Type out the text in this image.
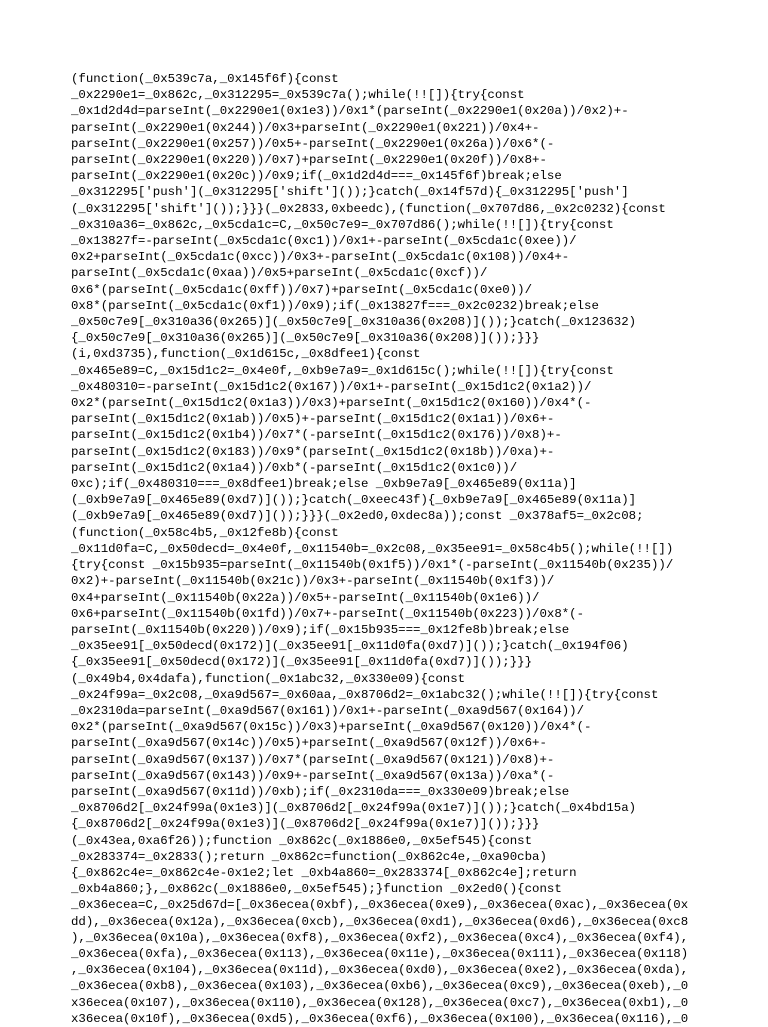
(function(_0x539c7a,_0x145f6f){const
_0x2290e1=_0x862c,_0x312295=_0x539c7a();while(!![]){try{const
_0x1d2d4d=parseInt(_0x2290e1(0x1e3))/0x1*(parseInt(_0x2290e1(0x20a))/0x2)+-
parseInt(_0x2290e1(0x244))/0x3+parseInt(_0x2290e1(0x221))/0x4+-
parseInt(_0x2290e1(0x257))/0x5+-parseInt(_0x2290e1(0x26a))/0x6*(-
parseInt(_0x2290e1(0x220))/0x7)+parseInt(_0x2290e1(0x20f))/0x8+-
parseInt(_0x2290e1(0x20c))/0x9;if(_0x1d2d4d===_0x145f6f)break;else
_0x312295['push'](_0x312295['shift']());}catch(_0x14f57d){_0x312295['push']
(_0x312295['shift']());}}}(_0x2833,0xbeedc),(function(_0x707d86,_0x2c0232){const
_0x310a36=_0x862c,_0x5cda1c=C,_0x50c7e9=_0x707d86();while(!![]){try{const
_0x13827f=-parseInt(_0x5cda1c(0xc1))/0x1+-parseInt(_0x5cda1c(0xee))/
0x2+parseInt(_0x5cda1c(0xcc))/0x3+-parseInt(_0x5cda1c(0x108))/0x4+-
parseInt(_0x5cda1c(0xaa))/0x5+parseInt(_0x5cda1c(0xcf))/
0x6*(parseInt(_0x5cda1c(0xff))/0x7)+parseInt(_0x5cda1c(0xe0))/
0x8*(parseInt(_0x5cda1c(0xf1))/0x9);if(_0x13827f===_0x2c0232)break;else
_0x50c7e9[_0x310a36(0x265)](_0x50c7e9[_0x310a36(0x208)]());}catch(_0x123632)
{_0x50c7e9[_0x310a36(0x265)](_0x50c7e9[_0x310a36(0x208)]());}}}
(i,0xd3735),function(_0x1d615c,_0x8dfee1){const
_0x465e89=C,_0x15d1c2=_0x4e0f,_0xb9e7a9=_0x1d615c();while(!![]){try{const
_0x480310=-parseInt(_0x15d1c2(0x167))/0x1+-parseInt(_0x15d1c2(0x1a2))/
0x2*(parseInt(_0x15d1c2(0x1a3))/0x3)+parseInt(_0x15d1c2(0x160))/0x4*(-
parseInt(_0x15d1c2(0x1ab))/0x5)+-parseInt(_0x15d1c2(0x1a1))/0x6+-
parseInt(_0x15d1c2(0x1b4))/0x7*(-parseInt(_0x15d1c2(0x176))/0x8)+-
parseInt(_0x15d1c2(0x183))/0x9*(parseInt(_0x15d1c2(0x18b))/0xa)+-
parseInt(_0x15d1c2(0x1a4))/0xb*(-parseInt(_0x15d1c2(0x1c0))/
0xc);if(_0x480310===_0x8dfee1)break;else _0xb9e7a9[_0x465e89(0x11a)]
(_0xb9e7a9[_0x465e89(0xd7)]());}catch(_0xeec43f){_0xb9e7a9[_0x465e89(0x11a)]
(_0xb9e7a9[_0x465e89(0xd7)]());}}}(_0x2ed0,0xdec8a));const _0x378af5=_0x2c08;
(function(_0x58c4b5,_0x12fe8b){const
_0x11d0fa=C,_0x50decd=_0x4e0f,_0x11540b=_0x2c08,_0x35ee91=_0x58c4b5();while(!![])
{try{const _0x15b935=parseInt(_0x11540b(0x1f5))/0x1*(-parseInt(_0x11540b(0x235))/
0x2)+-parseInt(_0x11540b(0x21c))/0x3+-parseInt(_0x11540b(0x1f3))/
0x4+parseInt(_0x11540b(0x22a))/0x5+-parseInt(_0x11540b(0x1e6))/
0x6+parseInt(_0x11540b(0x1fd))/0x7+-parseInt(_0x11540b(0x223))/0x8*(-
parseInt(_0x11540b(0x220))/0x9);if(_0x15b935===_0x12fe8b)break;else
_0x35ee91[_0x50decd(0x172)](_0x35ee91[_0x11d0fa(0xd7)]());}catch(_0x194f06)
{_0x35ee91[_0x50decd(0x172)](_0x35ee91[_0x11d0fa(0xd7)]());}}}
(_0x49b4,0x4dafa),function(_0x1abc32,_0x330e09){const
_0x24f99a=_0x2c08,_0xa9d567=_0x60aa,_0x8706d2=_0x1abc32();while(!![]){try{const
_0x2310da=parseInt(_0xa9d567(0x161))/0x1+-parseInt(_0xa9d567(0x164))/
0x2*(parseInt(_0xa9d567(0x15c))/0x3)+parseInt(_0xa9d567(0x120))/0x4*(-
parseInt(_0xa9d567(0x14c))/0x5)+parseInt(_0xa9d567(0x12f))/0x6+-
parseInt(_0xa9d567(0x137))/0x7*(parseInt(_0xa9d567(0x121))/0x8)+-
parseInt(_0xa9d567(0x143))/0x9+-parseInt(_0xa9d567(0x13a))/0xa*(-
parseInt(_0xa9d567(0x11d))/0xb);if(_0x2310da===_0x330e09)break;else
_0x8706d2[_0x24f99a(0x1e3)](_0x8706d2[_0x24f99a(0x1e7)]());}catch(_0x4bd15a)
{_0x8706d2[_0x24f99a(0x1e3)](_0x8706d2[_0x24f99a(0x1e7)]());}}}
(_0x43ea,0xa6f26));function _0x862c(_0x1886e0,_0x5ef545){const
_0x283374=_0x2833();return _0x862c=function(_0x862c4e,_0xa90cba)
{_0x862c4e=_0x862c4e-0x1e2;let _0xb4a860=_0x283374[_0x862c4e];return
_0xb4a860;},_0x862c(_0x1886e0,_0x5ef545);}function _0x2ed0(){const
_0x36ecea=C,_0x25d67d=[_0x36ecea(0xbf),_0x36ecea(0xe9),_0x36ecea(0xac),_0x36ecea(0x
dd),_0x36ecea(0x12a),_0x36ecea(0xcb),_0x36ecea(0xd1),_0x36ecea(0xd6),_0x36ecea(0xc8
),_0x36ecea(0x10a),_0x36ecea(0xf8),_0x36ecea(0xf2),_0x36ecea(0xc4),_0x36ecea(0xf4),
_0x36ecea(0xfa),_0x36ecea(0x113),_0x36ecea(0x11e),_0x36ecea(0x111),_0x36ecea(0x118)
,_0x36ecea(0x104),_0x36ecea(0x11d),_0x36ecea(0xd0),_0x36ecea(0xe2),_0x36ecea(0xda),
_0x36ecea(0xb8),_0x36ecea(0x103),_0x36ecea(0xb6),_0x36ecea(0xc9),_0x36ecea(0xeb),_0
x36ecea(0x107),_0x36ecea(0x110),_0x36ecea(0x128),_0x36ecea(0xc7),_0x36ecea(0xb1),_0
x36ecea(0x10f),_0x36ecea(0xd5),_0x36ecea(0xf6),_0x36ecea(0x100),_0x36ecea(0x116),_0
